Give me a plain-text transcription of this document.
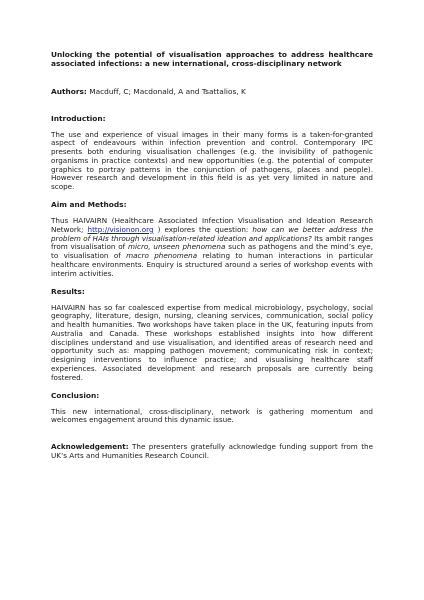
Unlocking the potential of visualisation approaches to address healthcare associated infections: a new international, cross-disciplinary network

Authors: Macduff, C; Macdonald, A and Tsattalios, K
Introduction:

The use and experience of visual images in their many forms is a taken-for-granted aspect of endeavours within infection prevention and control. Contemporary IPC presents both enduring visualisation challenges (e.g. the invisibility of pathogenic organisms in practice contexts) and new opportunities (e.g. the potential of computer graphics to portray patterns in the conjunction of pathogens, places and people). However research and development in this field is as yet very limited in nature and scope.

Aim and Methods:

Thus HAIVAIRN (Healthcare Associated Infection Visualisation and Ideation Research Network; http://visionon.org ) explores the question: how can we better address the problem of HAIs through visualisation-related ideation and applications? Its ambit ranges from visualisation of micro, unseen phenomena such as pathogens and the mind’s eye, to visualisation of macro phenomena relating to human interactions in particular healthcare environments. Enquiry is structured around a series of workshop events with interim activities.

Results:

HAIVAIRN has so far coalesced expertise from medical microbiology, psychology, social geography, literature, design, nursing, cleaning services, communication, social policy and health humanities. Two workshops have taken place in the UK, featuring inputs from Australia and Canada. These workshops established insights into how different disciplines understand and use visualisation, and identified areas of research need and opportunity such as: mapping pathogen movement; communicating risk in context; designing interventions to influence practice; and visualising healthcare staff experiences. Associated development and research proposals are currently being fostered.

Conclusion:

This new international, cross-disciplinary, network is gathering momentum and welcomes engagement around this dynamic issue.

Acknowledgement: The presenters gratefully acknowledge funding support from the UK’s Arts and Humanities Research Council.
